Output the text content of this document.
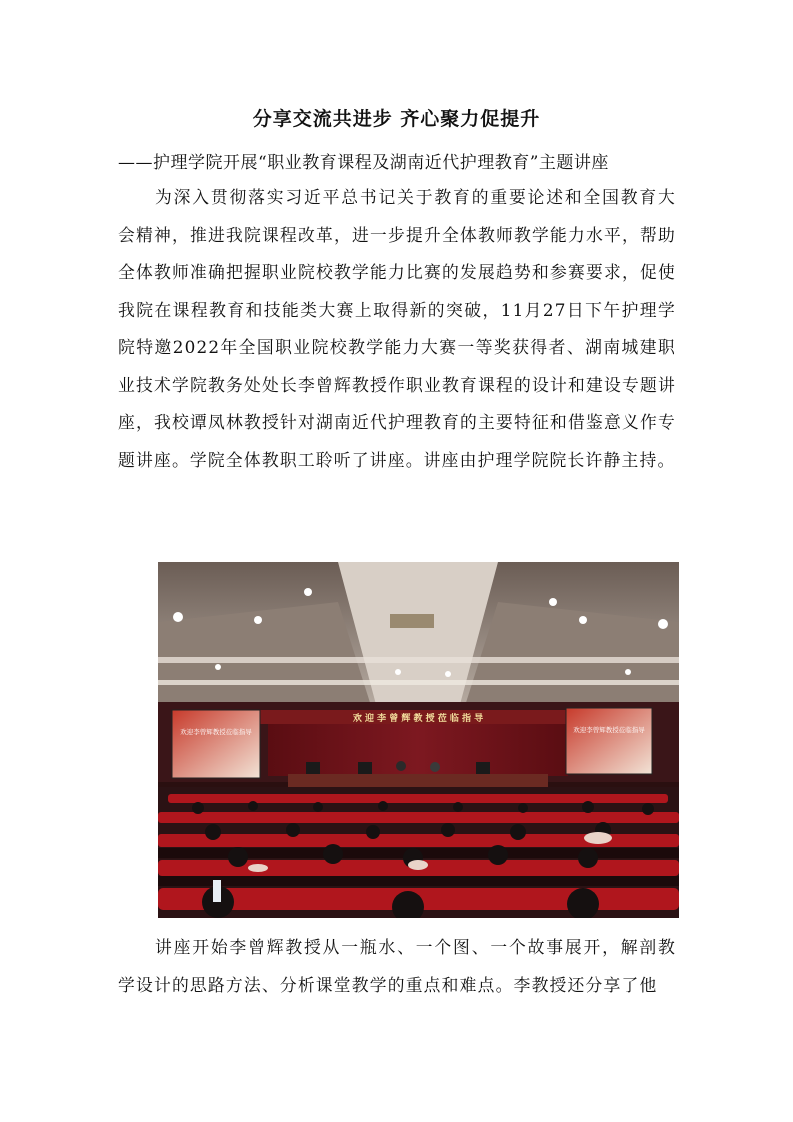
分享交流共进步 齐心聚力促提升
——护理学院开展“职业教育课程及湖南近代护理教育”主题讲座

为深入贯彻落实习近平总书记关于教育的重要论述和全国教育大会精神，推进我院课程改革，进一步提升全体教师教学能力水平，帮助全体教师准确把握职业院校教学能力比赛的发展趋势和参赛要求，促使我院在课程教育和技能类大赛上取得新的突破，11月27日下午护理学院特邀2022年全国职业院校教学能力大赛一等奖获得者、湖南城建职业技术学院教务处处长李曾辉教授作职业教育课程的设计和建设专题讲座，我校谭凤林教授针对湖南近代护理教育的主要特征和借鉴意义作专题讲座。学院全体教职工聆听了讲座。讲座由护理学院院长许静主持。

欢 迎 李 曾 辉 教 授 莅 临 指 导
欢迎李曾辉教授莅临指导	欢迎李曾辉教授莅临指导

讲座开始李曾辉教授从一瓶水、一个图、一个故事展开，解剖教学设计的思路方法、分析课堂教学的重点和难点。李教授还分享了他
